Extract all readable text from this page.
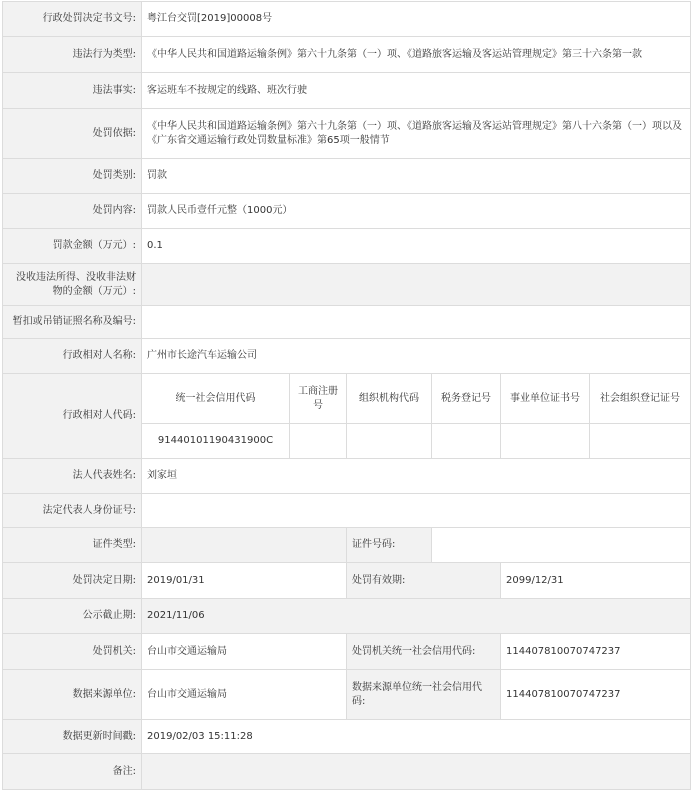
行政处罚决定书文号:	粤江台交罚[2019]00008号					
违法行为类型:	《中华人民共和国道路运输条例》第六十九条第（一）项、《道路旅客运输及客运站管理规定》第三十六条第一款					
违法事实:	客运班车不按规定的线路、班次行驶					
处罚依据:	《中华人民共和国道路运输条例》第六十九条第（一）项、《道路旅客运输及客运站管理规定》第八十六条第（一）项以及《广东省交通运输行政处罚数量标准》第65项一般情节					
处罚类别:	罚款					
处罚内容:	罚款人民币壹仟元整（1000元）					
罚款金额（万元）:	0.1					
没收违法所得、没收非法财物的金额（万元）:						
暂扣或吊销证照名称及编号:						
行政相对人名称:	广州市长途汽车运输公司					
行政相对人代码:	统一社会信用代码	工商注册号	组织机构代码	税务登记号	事业单位证书号	社会组织登记证号
	91440101190431900C					
法人代表姓名:	刘家垣					
法定代表人身份证号:						
证件类型:			证件号码:			
处罚决定日期:	2019/01/31		处罚有效期:		2099/12/31	
公示截止期:	2021/11/06					
处罚机关:	台山市交通运输局		处罚机关统一社会信用代码:		114407810070747237	
数据来源单位:	台山市交通运输局		数据来源单位统一社会信用代码:		114407810070747237	
数据更新时间戳:	2019/02/03 15:11:28					
备注:						
